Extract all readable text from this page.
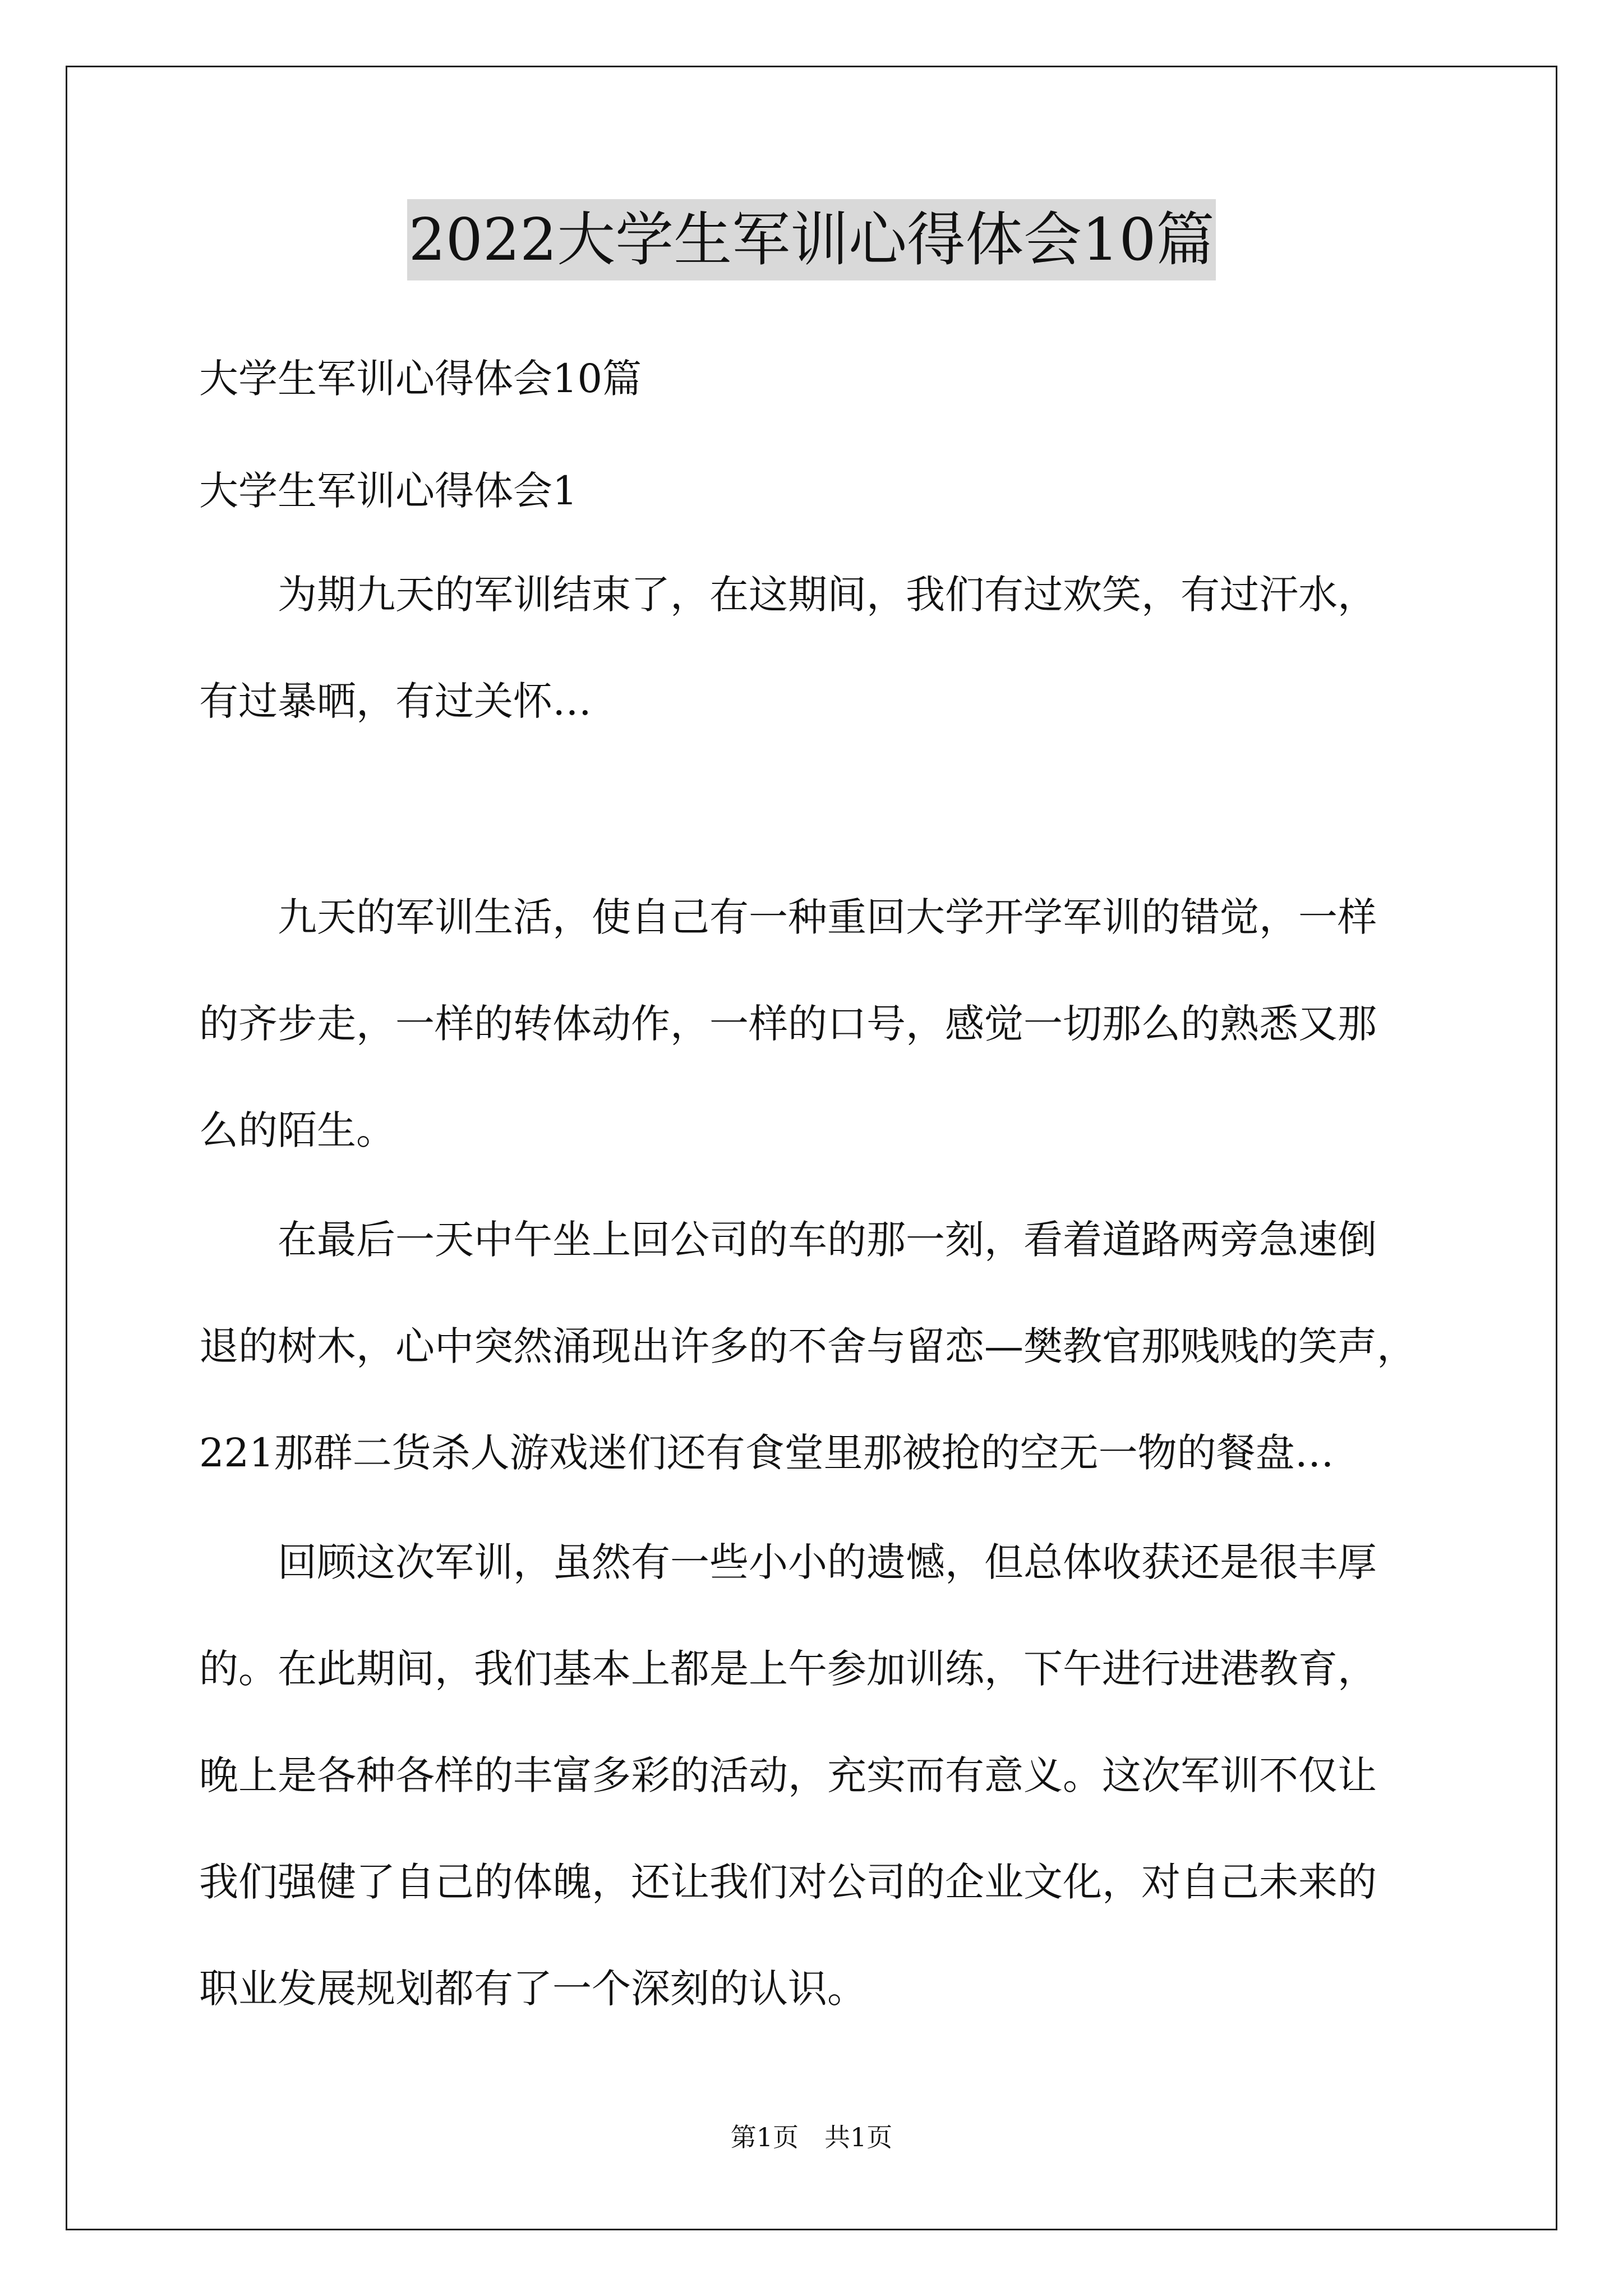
2022大学生军训心得体会10篇
大学生军训心得体会10篇
大学生军训心得体会1
　　为期九天的军训结束了，在这期间，我们有过欢笑，有过汗水，
有过暴晒，有过关怀…
　　九天的军训生活，使自己有一种重回大学开学军训的错觉，一样
的齐步走，一样的转体动作，一样的口号，感觉一切那么的熟悉又那
么的陌生。
　　在最后一天中午坐上回公司的车的那一刻，看着道路两旁急速倒
退的树木，心中突然涌现出许多的不舍与留恋—樊教官那贱贱的笑声，
221那群二货杀人游戏迷们还有食堂里那被抢的空无一物的餐盘…
　　回顾这次军训，虽然有一些小小的遗憾，但总体收获还是很丰厚
的。在此期间，我们基本上都是上午参加训练，下午进行进港教育，
晚上是各种各样的丰富多彩的活动，充实而有意义。这次军训不仅让
我们强健了自己的体魄，还让我们对公司的企业文化，对自己未来的
职业发展规划都有了一个深刻的认识。
第1页　共1页
